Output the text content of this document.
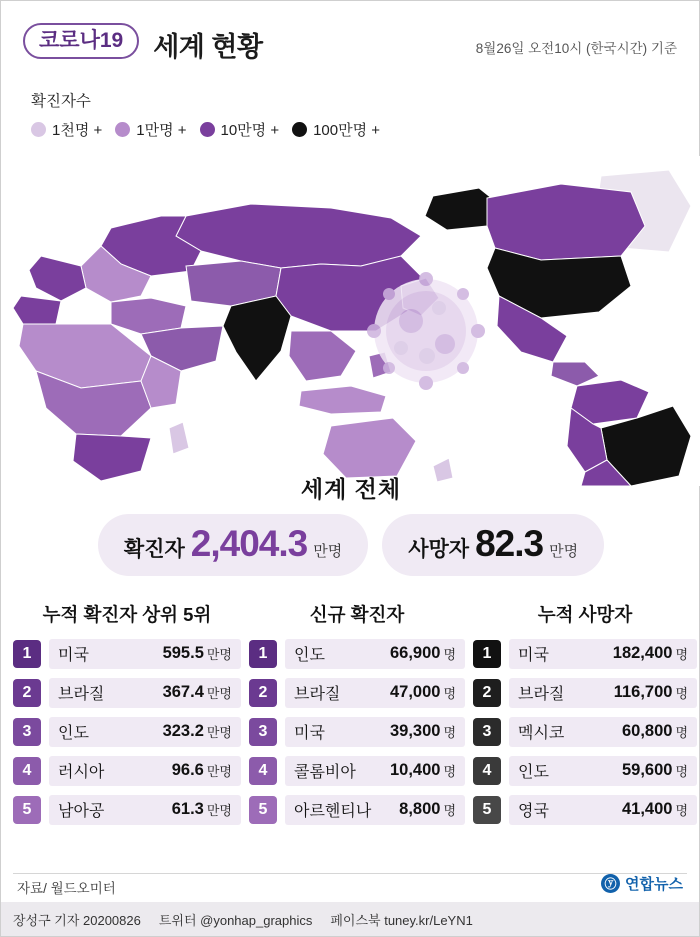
코로나19	세계 현황	8월26일 오전10시 (한국시간) 기준
확진자수
1천명 + 1만명 + 10만명 + 100만명 +
세계 전체
확진자 2,404.3 만명	사망자 82.3 만명
누적 확진자 상위 5위
1	미국	595.5 만명
2	브라질	367.4 만명
3	인도	323.2 만명
4	러시아	96.6 만명
5	남아공	61.3 만명
신규 확진자
1	인도	66,900 명
2	브라질	47,000 명
3	미국	39,300 명
4	콜롬비아 10,400 명
5	아르헨티나 8,800 명
누적 사망자
1	미국	182,400 명
2	브라질	116,700 명
3	멕시코	60,800 명
4	인도	59,600 명
5	영국	41,400 명
자료/ 월드오미터	ⓨ 연합뉴스
장성구 기자 20200826 트위터 @yonhap_graphics 페이스북 tuney.kr/LeYN1
